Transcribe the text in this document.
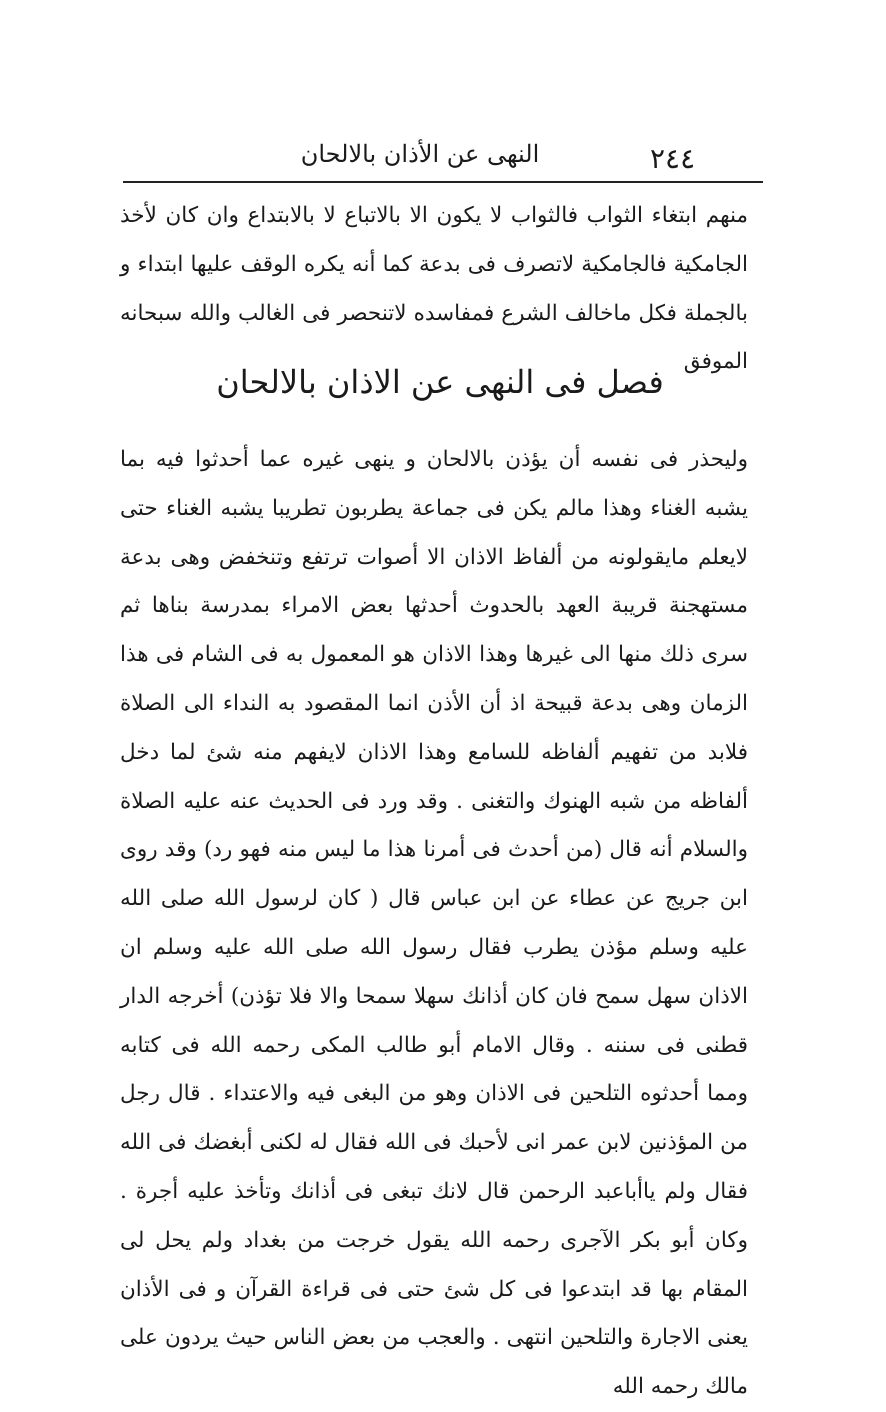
٢٤٤
النهى عن الأذان بالالحان

منهم ابتغاء الثواب فالثواب لا يكون الا بالاتباع لا بالابتداع وان كان لأخذ الجامكية فالجامكية لاتصرف فى بدعة كما أنه يكره الوقف عليها ابتداء و بالجملة فكل ماخالف الشرع فمفاسده لاتنحصر فى الغالب والله سبحانه الموفق

فصل فى النهى عن الاذان بالالحان

وليحذر فى نفسه أن يؤذن بالالحان و ينهى غيره عما أحدثوا فيه بما يشبه الغناء وهذا مالم يكن فى جماعة يطربون تطريبا يشبه الغناء حتى لايعلم مايقولونه من ألفاظ الاذان الا أصوات ترتفع وتنخفض وهى بدعة مستهجنة قريبة العهد بالحدوث أحدثها بعض الامراء بمدرسة بناها ثم سرى ذلك منها الى غيرها وهذا الاذان هو المعمول به فى الشام فى هذا الزمان وهى بدعة قبيحة اذ أن الأذن انما المقصود به النداء الى الصلاة فلابد من تفهيم ألفاظه للسامع وهذا الاذان لايفهم منه شئ لما دخل ألفاظه من شبه الهنوك والتغنى . وقد ورد فى الحديث عنه عليه الصلاة والسلام أنه قال (من أحدث فى أمرنا هذا ما ليس منه فهو رد) وقد روى ابن جريج عن عطاء عن ابن عباس قال ( كان لرسول الله صلى الله عليه وسلم مؤذن يطرب فقال رسول الله صلى الله عليه وسلم ان الاذان سهل سمح فان كان أذانك سهلا سمحا والا فلا تؤذن) أخرجه الدار قطنى فى سننه . وقال الامام أبو طالب المكى رحمه الله فى كتابه ومما أحدثوه التلحين فى الاذان وهو من البغى فيه والاعتداء . قال رجل من المؤذنين لابن عمر انى لأحبك فى الله فقال له لكنى أبغضك فى الله فقال ولم ياأباعبد الرحمن قال لانك تبغى فى أذانك وتأخذ عليه أجرة . وكان أبو بكر الآجرى رحمه الله يقول خرجت من بغداد ولم يحل لى المقام بها قد ابتدعوا فى كل شئ حتى فى قراءة القرآن و فى الأذان يعنى الاجارة والتلحين انتهى . والعجب من بعض الناس حيث يردون على مالك رحمه الله
